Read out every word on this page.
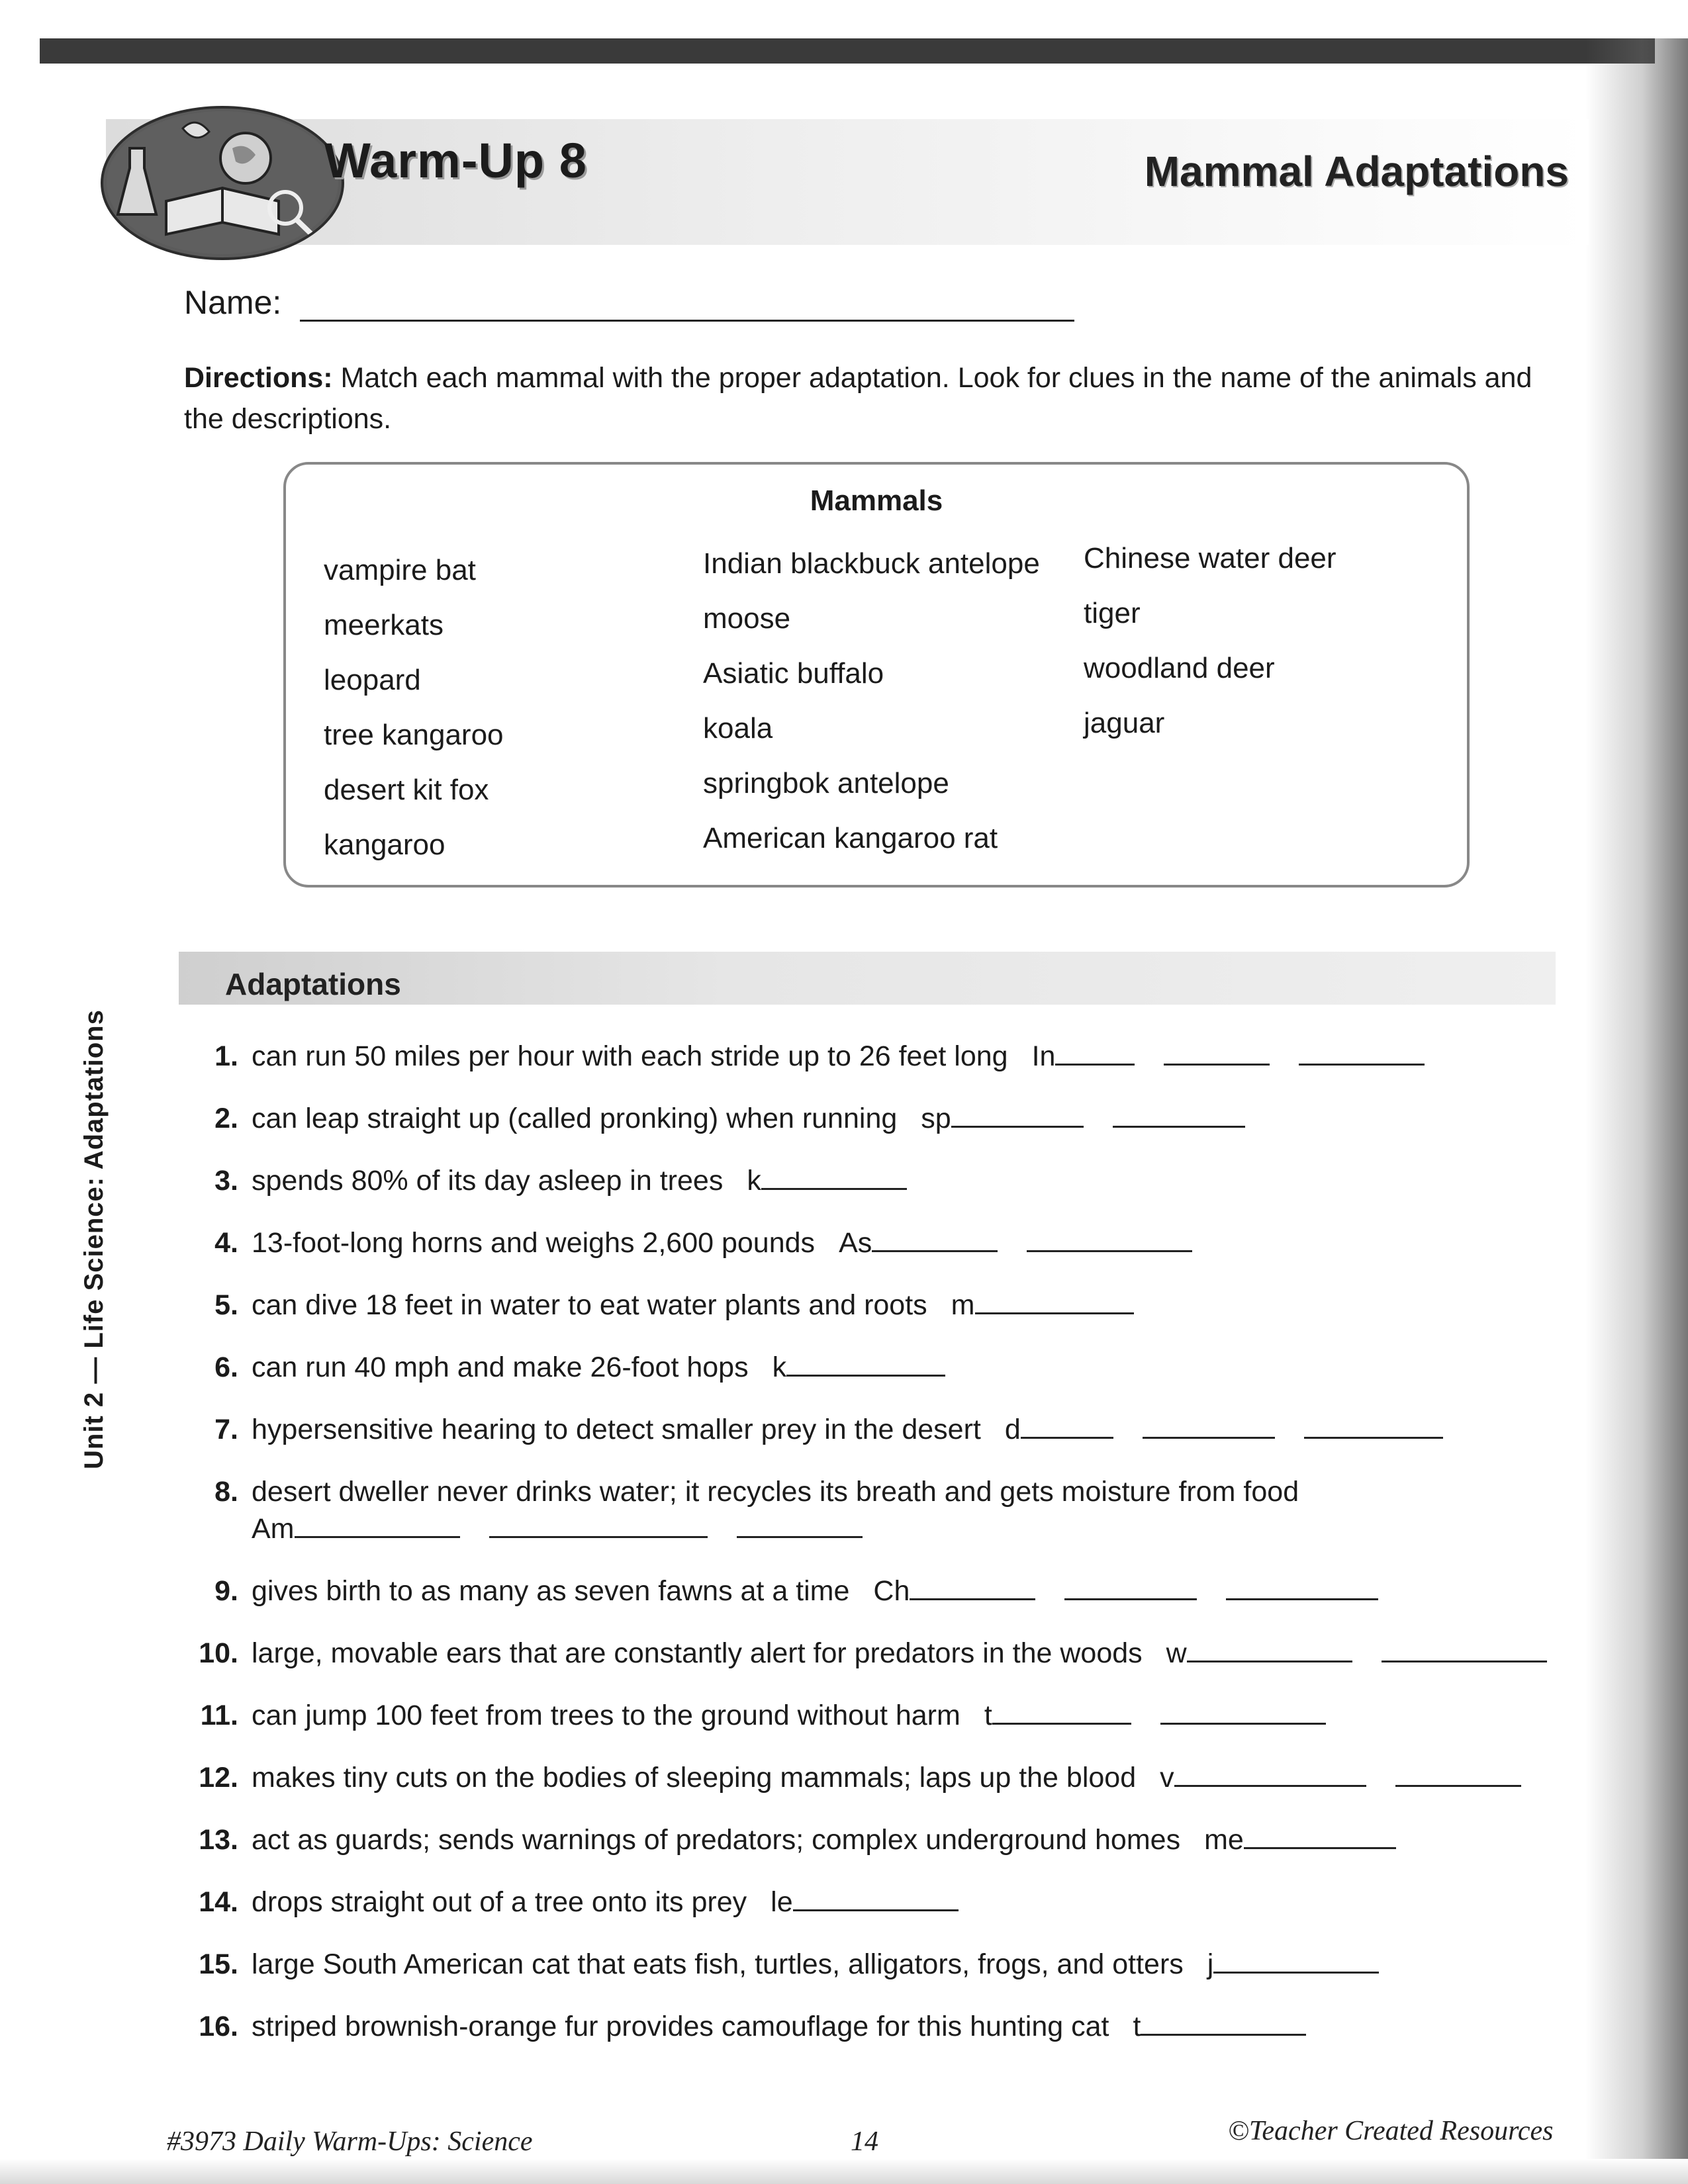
Warm-Up 8	Mammal Adaptations
Name:
Directions: Match each mammal with the proper adaptation. Look for clues in the name of the animals and the descriptions.
Mammals
vampire bat
meerkats
leopard
tree kangaroo
desert kit fox
kangaroo
Indian blackbuck antelope
moose
Asiatic buffalo
koala
springbok antelope
American kangaroo rat
Chinese water deer
tiger
woodland deer
jaguar
Adaptations
Unit 2 — Life Science: Adaptations	1. can run 50 miles per hour with each stride up to 26 feet long In
2. can leap straight up (called pronking) when running sp
3. spends 80% of its day asleep in trees k
4. 13-foot-long horns and weighs 2,600 pounds As
5. can dive 18 feet in water to eat water plants and roots m
6. can run 40 mph and make 26-foot hops k
7. hypersensitive hearing to detect smaller prey in the desert d
8. desert dweller never drinks water; it recycles its breath and gets moisture from food
Am
9. gives birth to as many as seven fawns at a time Ch
10. large, movable ears that are constantly alert for predators in the woods w
11. can jump 100 feet from trees to the ground without harm t
12. makes tiny cuts on the bodies of sleeping mammals; laps up the blood v
13. act as guards; sends warnings of predators; complex underground homes me
14. drops straight out of a tree onto its prey le
15. large South American cat that eats fish, turtles, alligators, frogs, and otters j
16. striped brownish-orange fur provides camouflage for this hunting cat t
#3973 Daily Warm-Ups: Science	14	©Teacher Created Resources
